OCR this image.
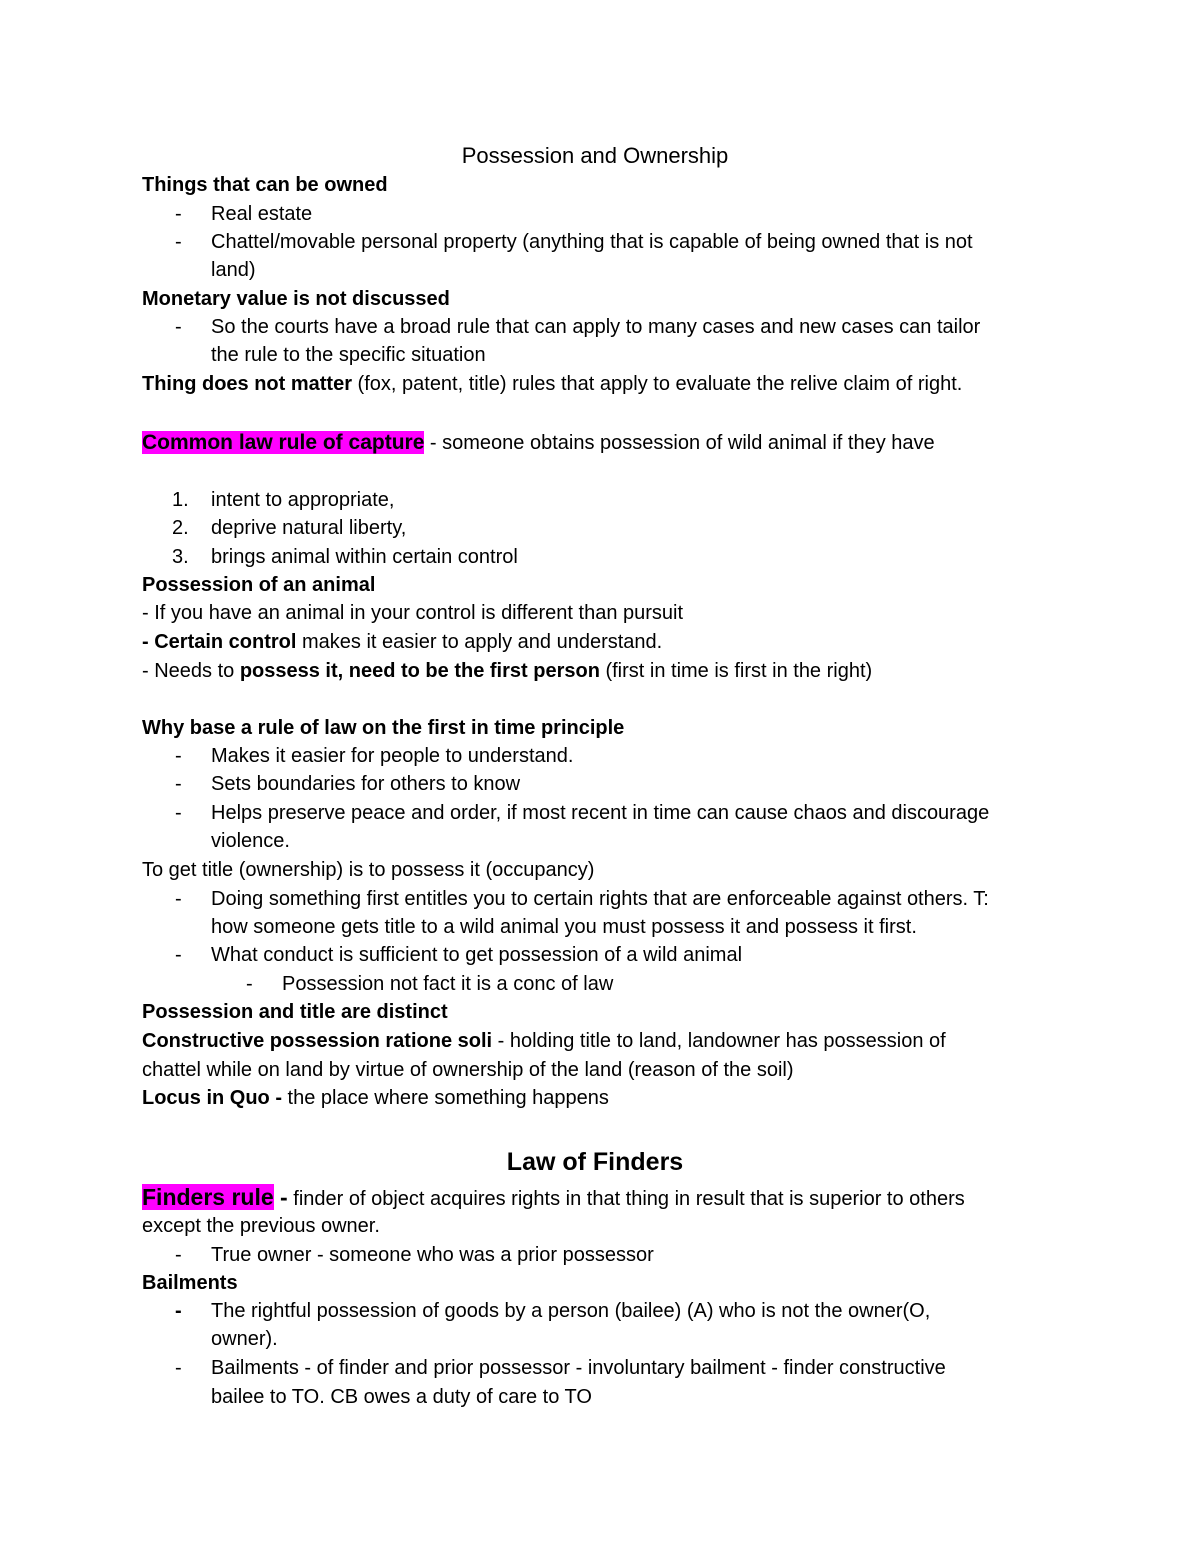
Possession and Ownership
Things that can be owned
- Real estate
- Chattel/movable personal property (anything that is capable of being owned that is not
land)
Monetary value is not discussed
- So the courts have a broad rule that can apply to many cases and new cases can tailor
the rule to the specific situation
Thing does not matter (fox, patent, title) rules that apply to evaluate the relive claim of right.
Common law rule of capture - someone obtains possession of wild animal if they have
1. intent to appropriate,
2. deprive natural liberty,
3. brings animal within certain control
Possession of an animal
- If you have an animal in your control is different than pursuit
- Certain control makes it easier to apply and understand.
- Needs to possess it, need to be the first person (first in time is first in the right)
Why base a rule of law on the first in time principle
- Makes it easier for people to understand.
- Sets boundaries for others to know
- Helps preserve peace and order, if most recent in time can cause chaos and discourage
violence.
To get title (ownership) is to possess it (occupancy)
- Doing something first entitles you to certain rights that are enforceable against others. T:
how someone gets title to a wild animal you must possess it and possess it first.
- What conduct is sufficient to get possession of a wild animal
- Possession not fact it is a conc of law
Possession and title are distinct
Constructive possession ratione soli - holding title to land, landowner has possession of
chattel while on land by virtue of ownership of the land (reason of the soil)
Locus in Quo - the place where something happens
Law of Finders
Finders rule - finder of object acquires rights in that thing in result that is superior to others
except the previous owner.
- True owner - someone who was a prior possessor
Bailments
- The rightful possession of goods by a person (bailee) (A) who is not the owner(O,
owner).
- Bailments - of finder and prior possessor - involuntary bailment - finder constructive
bailee to TO. CB owes a duty of care to TO
